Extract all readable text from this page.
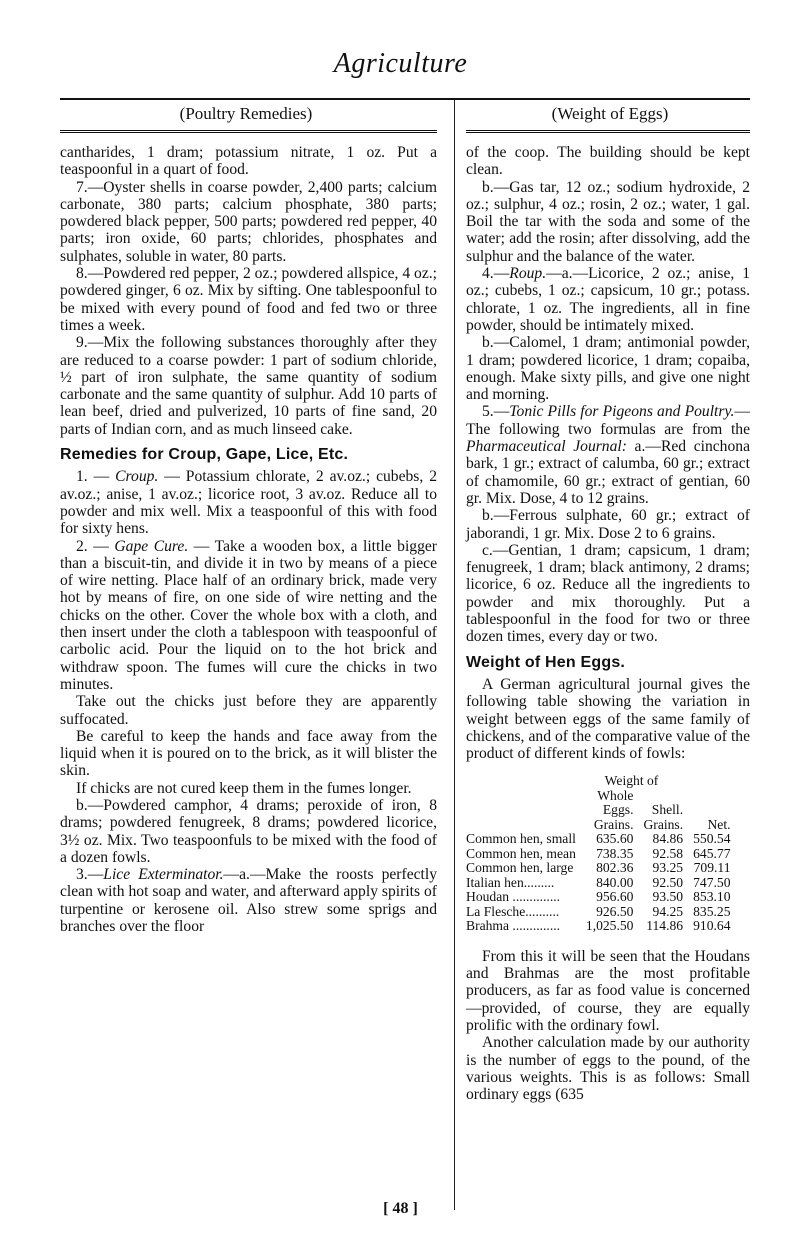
Agriculture
(Poultry Remedies)	(Weight of Eggs)

cantharides, 1 dram; potassium nitrate, 1 oz. Put a teaspoonful in a quart of food.

7.—Oyster shells in coarse powder, 2,400 parts; calcium carbonate, 380 parts; calcium phosphate, 380 parts; powdered black pepper, 500 parts; powdered red pepper, 40 parts; iron oxide, 60 parts; chlorides, phosphates and sulphates, soluble in water, 80 parts.

8.—Powdered red pepper, 2 oz.; powdered allspice, 4 oz.; powdered ginger, 6 oz. Mix by sifting. One tablespoonful to be mixed with every pound of food and fed two or three times a week.

9.—Mix the following substances thoroughly after they are reduced to a coarse powder: 1 part of sodium chloride, ½ part of iron sulphate, the same quantity of sodium carbonate and the same quantity of sulphur. Add 10 parts of lean beef, dried and pulverized, 10 parts of fine sand, 20 parts of Indian corn, and as much linseed cake.

Remedies for Croup, Gape, Lice, Etc.

1. — Croup. — Potassium chlorate, 2 av.oz.; cubebs, 2 av.oz.; anise, 1 av.oz.; licorice root, 3 av.oz. Reduce all to powder and mix well. Mix a teaspoonful of this with food for sixty hens.

2. — Gape Cure. — Take a wooden box, a little bigger than a biscuit-tin, and divide it in two by means of a piece of wire netting. Place half of an ordinary brick, made very hot by means of fire, on one side of wire netting and the chicks on the other. Cover the whole box with a cloth, and then insert under the cloth a tablespoon with teaspoonful of carbolic acid. Pour the liquid on to the hot brick and withdraw spoon. The fumes will cure the chicks in two minutes.

Take out the chicks just before they are apparently suffocated.

Be careful to keep the hands and face away from the liquid when it is poured on to the brick, as it will blister the skin.

If chicks are not cured keep them in the fumes longer.

b.—Powdered camphor, 4 drams; peroxide of iron, 8 drams; powdered fenugreek, 8 drams; powdered licorice, 3½ oz. Mix. Two teaspoonfuls to be mixed with the food of a dozen fowls.

3.—Lice Exterminator.—a.—Make the roosts perfectly clean with hot soap and water, and afterward apply spirits of turpentine or kerosene oil. Also strew some sprigs and branches over the floor

of the coop. The building should be kept clean.

b.—Gas tar, 12 oz.; sodium hydroxide, 2 oz.; sulphur, 4 oz.; rosin, 2 oz.; water, 1 gal. Boil the tar with the soda and some of the water; add the rosin; after dissolving, add the sulphur and the balance of the water.

4.—Roup.—a.—Licorice, 2 oz.; anise, 1 oz.; cubebs, 1 oz.; capsicum, 10 gr.; potass. chlorate, 1 oz. The ingredients, all in fine powder, should be intimately mixed.

b.—Calomel, 1 dram; antimonial powder, 1 dram; powdered licorice, 1 dram; copaiba, enough. Make sixty pills, and give one night and morning.

5.—Tonic Pills for Pigeons and Poultry.—The following two formulas are from the Pharmaceutical Journal: a.—Red cinchona bark, 1 gr.; extract of calumba, 60 gr.; extract of chamomile, 60 gr.; extract of gentian, 60 gr. Mix. Dose, 4 to 12 grains.

b.—Ferrous sulphate, 60 gr.; extract of jaborandi, 1 gr. Mix. Dose 2 to 6 grains.

c.—Gentian, 1 dram; capsicum, 1 dram; fenugreek, 1 dram; black antimony, 2 drams; licorice, 6 oz. Reduce all the ingredients to powder and mix thoroughly. Put a tablespoonful in the food for two or three dozen times, every day or two.

Weight of Hen Eggs.

A German agricultural journal gives the following table showing the variation in weight between eggs of the same family of chickens, and of the comparative value of the product of different kinds of fowls:

	Weight of		
	Whole		
	Eggs.	Shell.	
	Grains.	Grains.	Net.
Common hen, small	635.60	84.86	550.54
Common hen, mean	738.35	92.58	645.77
Common hen, large	802.36	93.25	709.11
Italian hen.........	840.00	92.50	747.50
Houdan ..............	956.60	93.50	853.10
La Flesche..........	926.50	94.25	835.25
Brahma ..............	1,025.50	114.86	910.64

From this it will be seen that the Houdans and Brahmas are the most profitable producers, as far as food value is concerned—provided, of course, they are equally prolific with the ordinary fowl.

Another calculation made by our authority is the number of eggs to the pound, of the various weights. This is as follows: Small ordinary eggs (635

[ 48 ]
